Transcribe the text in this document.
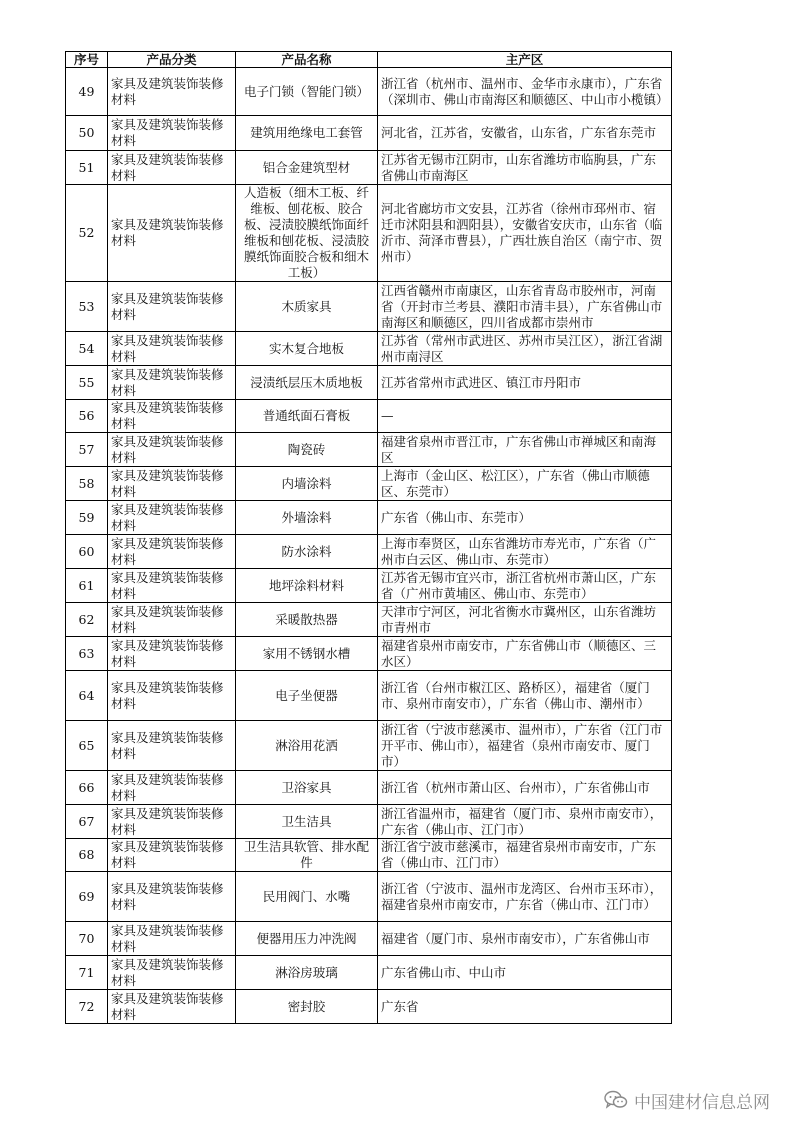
序号	产品分类	产品名称	主产区
49	家具及建筑装饰装修材料	电子门锁（智能门锁）	浙江省（杭州市、温州市、金华市永康市），广东省（深圳市、佛山市南海区和顺德区、中山市小榄镇）
50	家具及建筑装饰装修材料	建筑用绝缘电工套管	河北省，江苏省，安徽省，山东省，广东省东莞市
51	家具及建筑装饰装修材料	铝合金建筑型材	江苏省无锡市江阴市，山东省潍坊市临朐县，广东省佛山市南海区
52	家具及建筑装饰装修材料	人造板（细木工板、纤维板、刨花板、胶合板、浸渍胶膜纸饰面纤维板和刨花板、浸渍胶膜纸饰面胶合板和细木工板）	河北省廊坊市文安县，江苏省（徐州市邳州市、宿迁市沭阳县和泗阳县），安徽省安庆市，山东省（临沂市、菏泽市曹县），广西壮族自治区（南宁市、贺州市）
53	家具及建筑装饰装修材料	木质家具	江西省赣州市南康区，山东省青岛市胶州市，河南省（开封市兰考县、濮阳市清丰县），广东省佛山市南海区和顺德区，四川省成都市崇州市
54	家具及建筑装饰装修材料	实木复合地板	江苏省（常州市武进区、苏州市吴江区），浙江省湖州市南浔区
55	家具及建筑装饰装修材料	浸渍纸层压木质地板	江苏省常州市武进区、镇江市丹阳市
56	家具及建筑装饰装修材料	普通纸面石膏板	—
57	家具及建筑装饰装修材料	陶瓷砖	福建省泉州市晋江市，广东省佛山市禅城区和南海区
58	家具及建筑装饰装修材料	内墙涂料	上海市（金山区、松江区），广东省（佛山市顺德区、东莞市）
59	家具及建筑装饰装修材料	外墙涂料	广东省（佛山市、东莞市）
60	家具及建筑装饰装修材料	防水涂料	上海市奉贤区，山东省潍坊市寿光市，广东省（广州市白云区、佛山市、东莞市）
61	家具及建筑装饰装修材料	地坪涂料材料	江苏省无锡市宜兴市，浙江省杭州市萧山区，广东省（广州市黄埔区、佛山市、东莞市）
62	家具及建筑装饰装修材料	采暖散热器	天津市宁河区，河北省衡水市冀州区，山东省潍坊市青州市
63	家具及建筑装饰装修材料	家用不锈钢水槽	福建省泉州市南安市，广东省佛山市（顺德区、三水区）
64	家具及建筑装饰装修材料	电子坐便器	浙江省（台州市椒江区、路桥区），福建省（厦门市、泉州市南安市），广东省（佛山市、潮州市）
65	家具及建筑装饰装修材料	淋浴用花洒	浙江省（宁波市慈溪市、温州市），广东省（江门市开平市、佛山市），福建省（泉州市南安市、厦门市）
66	家具及建筑装饰装修材料	卫浴家具	浙江省（杭州市萧山区、台州市），广东省佛山市
67	家具及建筑装饰装修材料	卫生洁具	浙江省温州市，福建省（厦门市、泉州市南安市），广东省（佛山市、江门市）
68	家具及建筑装饰装修材料	卫生洁具软管、排水配件	浙江省宁波市慈溪市，福建省泉州市南安市，广东省（佛山市、江门市）
69	家具及建筑装饰装修材料	民用阀门、水嘴	浙江省（宁波市、温州市龙湾区、台州市玉环市），福建省泉州市南安市，广东省（佛山市、江门市）
70	家具及建筑装饰装修材料	便器用压力冲洗阀	福建省（厦门市、泉州市南安市），广东省佛山市
71	家具及建筑装饰装修材料	淋浴房玻璃	广东省佛山市、中山市
72	家具及建筑装饰装修材料	密封胶	广东省
中国建材信息总网
